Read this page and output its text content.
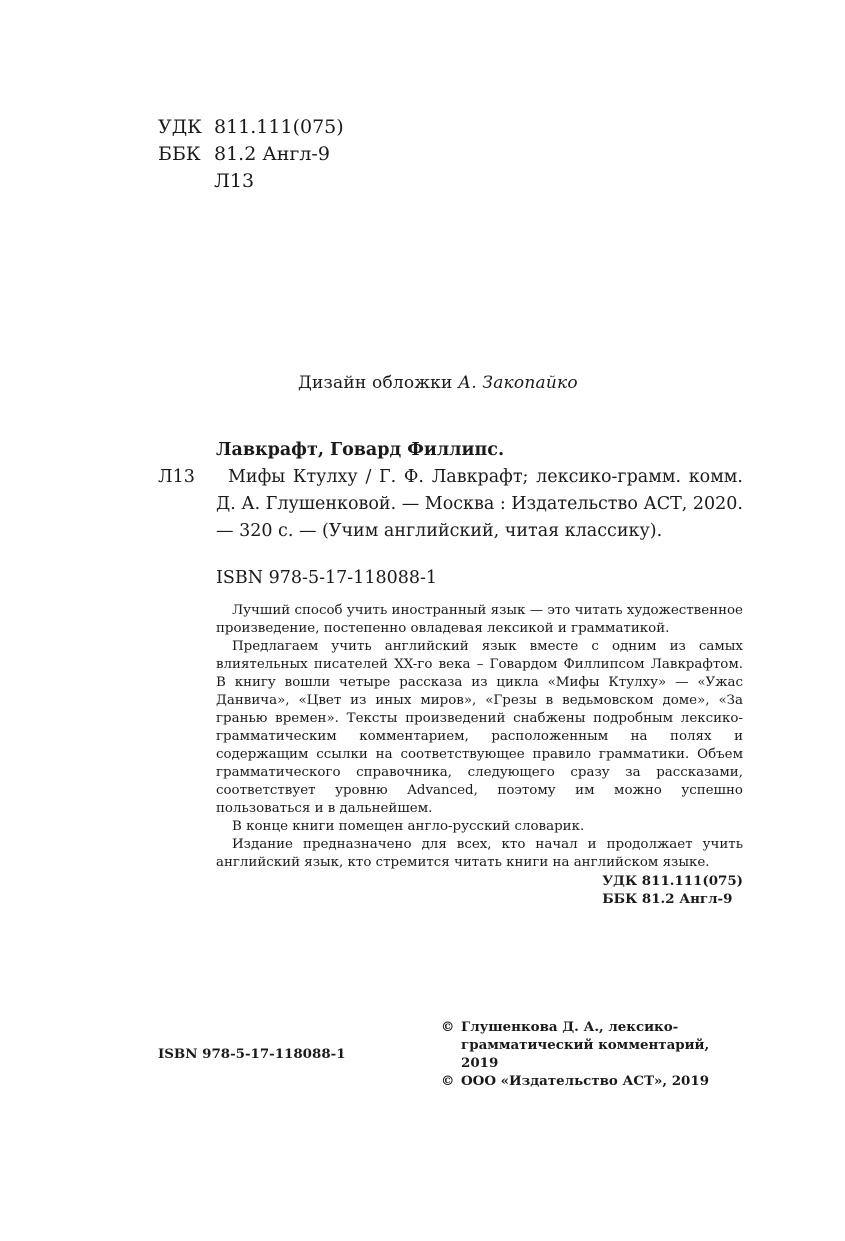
УДК 811.111(075)
ББК 81.2 Англ-9
Л13
Дизайн обложки А. Закопайко
Лавкрафт, Говард Филлипс.
Л13	Мифы Ктулху / Г. Ф. Лавкрафт; лексико-грамм. комм. Д. А. Глушенковой. — Москва : Издательство АСТ, 2020. — 320 с. — (Учим английский, читая классику).
ISBN 978-5-17-118088-1

Лучший способ учить иностранный язык — это читать художественное произведение, постепенно овладевая лексикой и грамматикой.

Предлагаем учить английский язык вместе с одним из самых влиятельных писателей XX-го века – Говардом Филлипсом Лавкрафтом. В книгу вошли четыре рассказа из цикла «Мифы Ктулху» — «Ужас Данвича», «Цвет из иных миров», «Грезы в ведьмовском доме», «За гранью времен». Тексты произведений снабжены подробным лексико-грамматическим комментарием, расположенным на полях и содержащим ссылки на соответствующее правило грамматики. Объем грамматического справочника, следующего сразу за рассказами, соответствует уровню Advanced, поэтому им можно успешно пользоваться и в дальнейшем.

В конце книги помещен англо-русский словарик.

Издание предназначено для всех, кто начал и продолжает учить английский язык, кто стремится читать книги на английском языке.

УДК 811.111(075)
ББК 81.2 Англ-9

ISBN 978-5-17-118088-1
© Глушенкова Д. А., лексико-грамматический комментарий, 2019
© ООО «Издательство АСТ», 2019
